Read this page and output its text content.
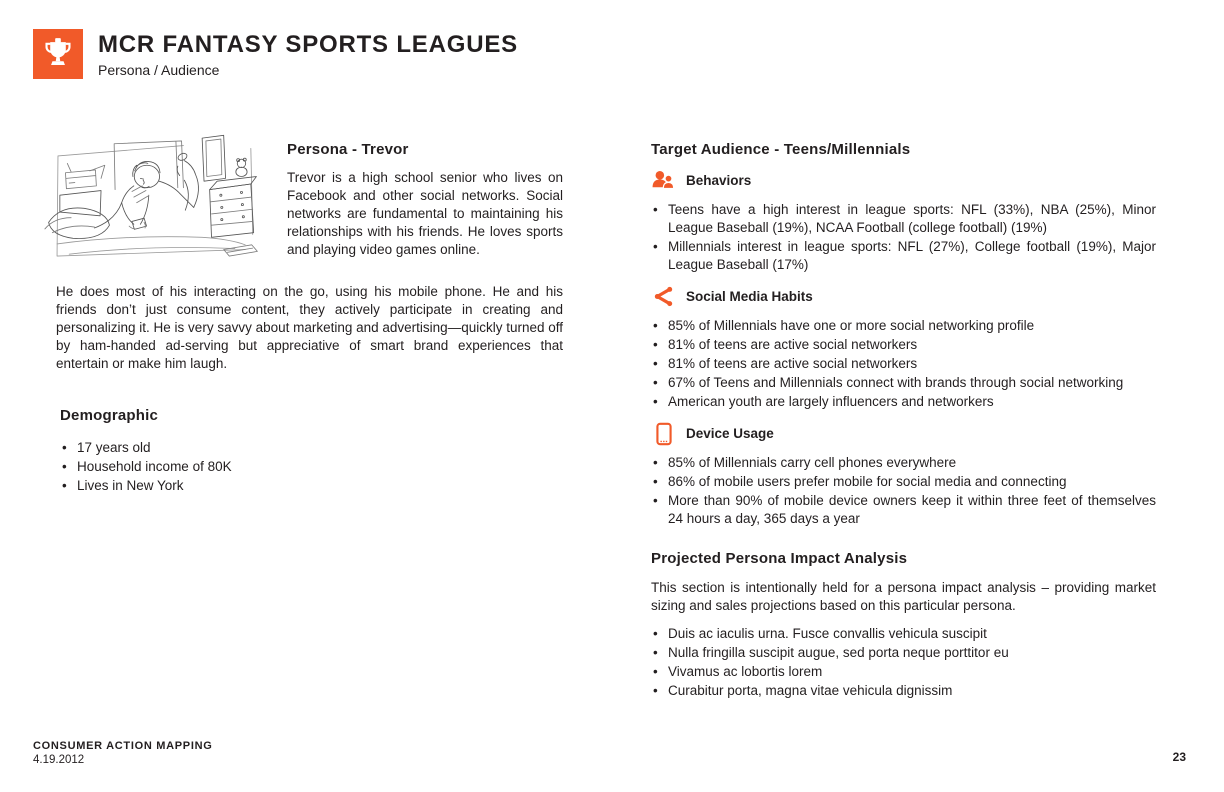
MCR FANTASY SPORTS LEAGUES
Persona / Audience
Persona - Trevor

Trevor is a high school senior who lives on Facebook and other social networks. Social networks are fundamental to maintaining his relationships with his friends. He loves sports and playing video games online.

He does most of his interacting on the go, using his mobile phone. He and his friends don’t just consume content, they actively participate in creating and personalizing it. He is very savvy about marketing and advertising—quickly turned off by ham-handed ad-serving but appreciative of smart brand experiences that entertain or make him laugh.

Demographic
• 17 years old
• Household income of 80K
• Lives in New York
Target Audience - Teens/Millennials
Behaviors
• Teens have a high interest in league sports: NFL (33%), NBA (25%), Minor League Baseball (19%), NCAA Football (college football) (19%)
• Millennials interest in league sports: NFL (27%), College football (19%), Major League Baseball (17%)
Social Media Habits
• 85% of Millennials have one or more social networking profile
• 81% of teens are active social networkers
• 81% of teens are active social networkers
• 67% of Teens and Millennials connect with brands through social networking
• American youth are largely influencers and networkers
Device Usage
• 85% of Millennials carry cell phones everywhere
• 86% of mobile users prefer mobile for social media and connecting
• More than 90% of mobile device owners keep it within three feet of themselves 24 hours a day, 365 days a year
Projected Persona Impact Analysis

This section is intentionally held for a persona impact analysis – providing market sizing and sales projections based on this particular persona.

• Duis ac iaculis urna. Fusce convallis vehicula suscipit
• Nulla fringilla suscipit augue, sed porta neque porttitor eu
• Vivamus ac lobortis lorem
• Curabitur porta, magna vitae vehicula dignissim
CONSUMER ACTION MAPPING
4.19.2012	23
